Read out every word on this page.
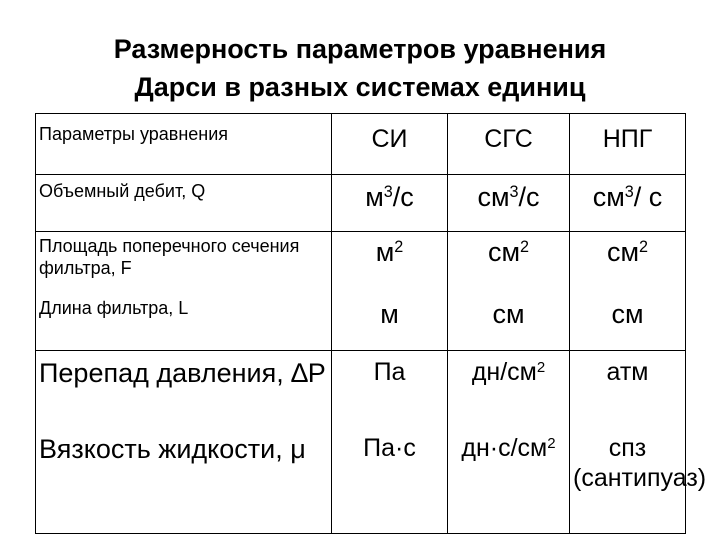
Размерность параметров уравнения
Дарси в разных системах единиц
Параметры уравнения	СИ	СГС	НПГ
Объемный дебит, Q	$м^3/с$	$см^3/с$	$см^3/$ с
Площадь поперечного сечения фильтра, F	$м^2$	$см^2$	$см^2$
Длина фильтра, L	м	см	см
Перепад давления, ∆P	Па	$дн/см^2$	атм
Вязкость жидкости, μ	Па·с	$дн\cdot с/см^2$	спз (сантипуаз)
